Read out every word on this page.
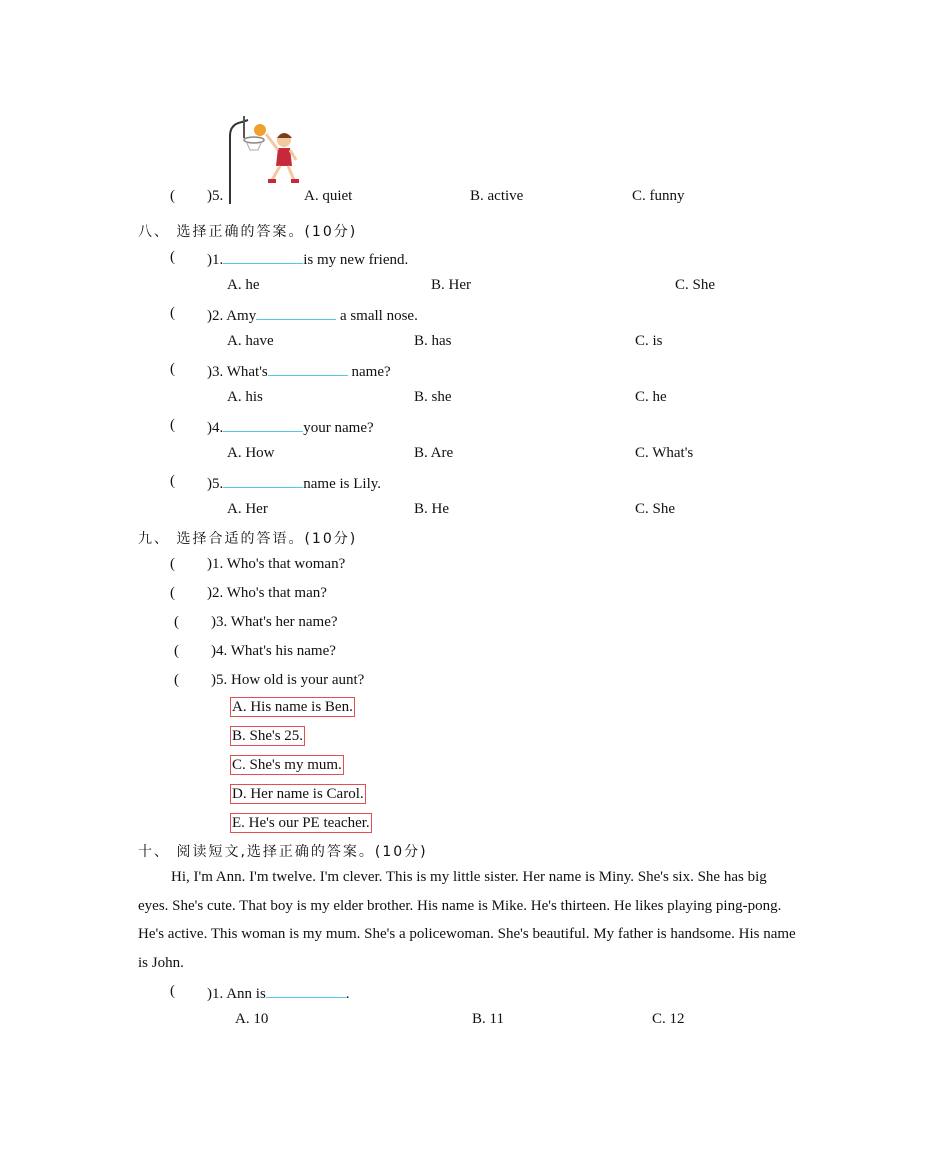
( )5.	A. quiet	B. active	C. funny
八、 选择正确的答案。(10分)
( )1.	is my new friend.
A. he	B. Her	C. She
( )2. Amy	a small nose.
A. have	B. has	C. is
( )3. What's	name?
A. his	B. she	C. he
( )4.	your name?
A. How	B. Are	C. What's
( )5.	name is Lily.
A. Her	B. He	C. She
九、 选择合适的答语。(10分)
( )1. Who's that woman?
( )2. Who's that man?
( )3. What's her name?
( )4. What's his name?
( )5. How old is your aunt?
A. His name is Ben.
B. She's 25.
C. She's my mum.
D. Her name is Carol.
E. He's our PE teacher.
十、 阅读短文,选择正确的答案。(10分)
Hi, I'm Ann. I'm twelve. I'm clever. This is my little sister. Her name is Miny. She's six. She has big eyes. She's cute. That boy is my elder brother. His name is Mike. He's thirteen. He likes playing ping-pong. He's active. This woman is my mum. She's a policewoman. She's beautiful. My father is handsome. His name is John.
( )1. Ann is	.
A. 10	B. 11	C. 12
